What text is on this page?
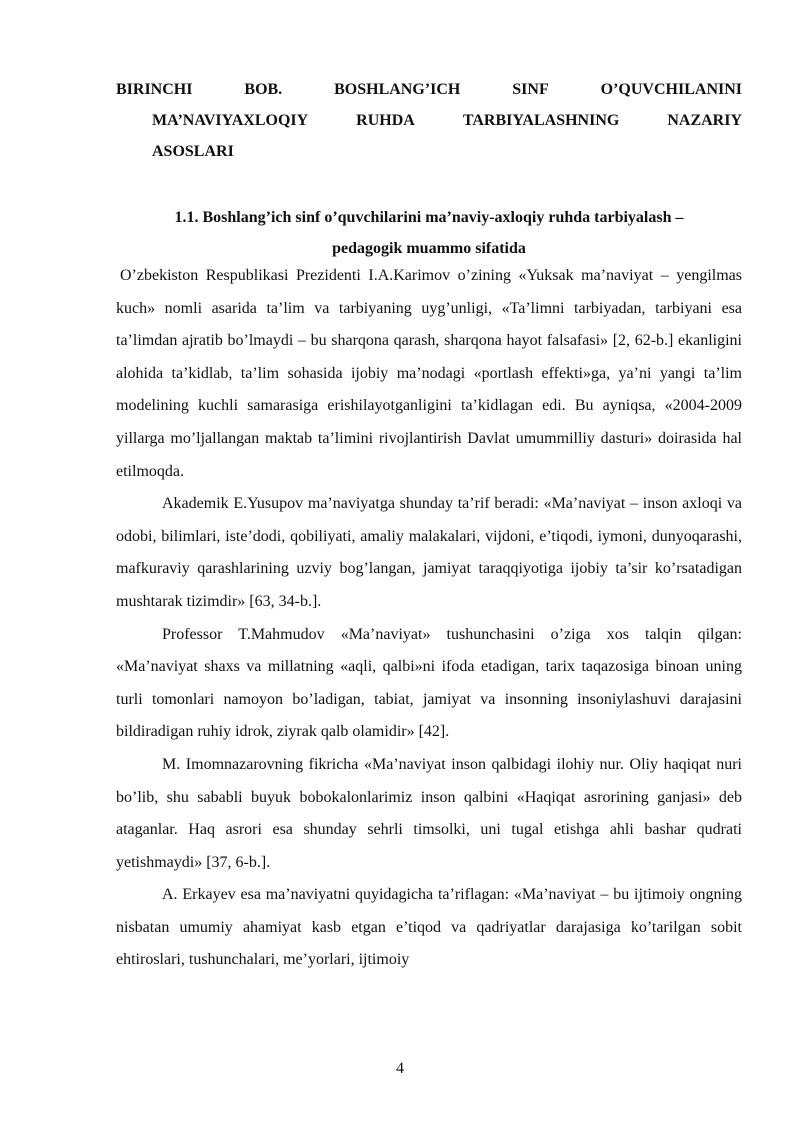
BIRINCHI	BOB.	BOSHLANG’ICH	SINF	O’QUVCHILANINI
MA’NAVIYAXLOQIY	RUHDA	TARBIYALASHNING	NAZARIY
ASOSLARI
1.1. Boshlang’ich sinf o’quvchilarini ma’naviy-axloqiy ruhda tarbiyalash –
pedagogik muammo sifatida

O’zbekiston Respublikasi Prezidenti I.A.Karimov o’zining «Yuksak ma’naviyat – yengilmas kuch» nomli asarida ta’lim va tarbiyaning uyg’unligi, «Ta’limni tarbiyadan, tarbiyani esa ta’limdan ajratib bo’lmaydi – bu sharqona qarash, sharqona hayot falsafasi» [2, 62-b.] ekanligini alohida ta’kidlab, ta’lim sohasida ijobiy ma’nodagi «portlash effekti»ga, ya’ni yangi ta’lim modelining kuchli samarasiga erishilayotganligini ta’kidlagan edi. Bu ayniqsa, «2004-2009 yillarga mo’ljallangan maktab ta’limini rivojlantirish Davlat umummilliy dasturi» doirasida hal etilmoqda.

Akademik E.Yusupov ma’naviyatga shunday ta’rif beradi: «Ma’naviyat – inson axloqi va odobi, bilimlari, iste’dodi, qobiliyati, amaliy malakalari, vijdoni, e’tiqodi, iymoni, dunyoqarashi, mafkuraviy qarashlarining uzviy bog’langan, jamiyat taraqqiyotiga ijobiy ta’sir ko’rsatadigan mushtarak tizimdir» [63, 34-b.].

Professor T.Mahmudov «Ma’naviyat» tushunchasini o’ziga xos talqin qilgan: «Ma’naviyat shaxs va millatning «aqli, qalbi»ni ifoda etadigan, tarix taqazosiga binoan uning turli tomonlari namoyon bo’ladigan, tabiat, jamiyat va insonning insoniylashuvi darajasini bildiradigan ruhiy idrok, ziyrak qalb olamidir» [42].

M. Imomnazarovning fikricha «Ma’naviyat inson qalbidagi ilohiy nur. Oliy haqiqat nuri bo’lib, shu sababli buyuk bobokalonlarimiz inson qalbini «Haqiqat asrorining ganjasi» deb ataganlar. Haq asrori esa shunday sehrli timsolki, uni tugal etishga ahli bashar qudrati yetishmaydi» [37, 6-b.].

A. Erkayev esa ma’naviyatni quyidagicha ta’riflagan: «Ma’naviyat – bu ijtimoiy ongning nisbatan umumiy ahamiyat kasb etgan e’tiqod va qadriyatlar darajasiga ko’tarilgan sobit ehtiroslari, tushunchalari, me’yorlari, ijtimoiy

4
